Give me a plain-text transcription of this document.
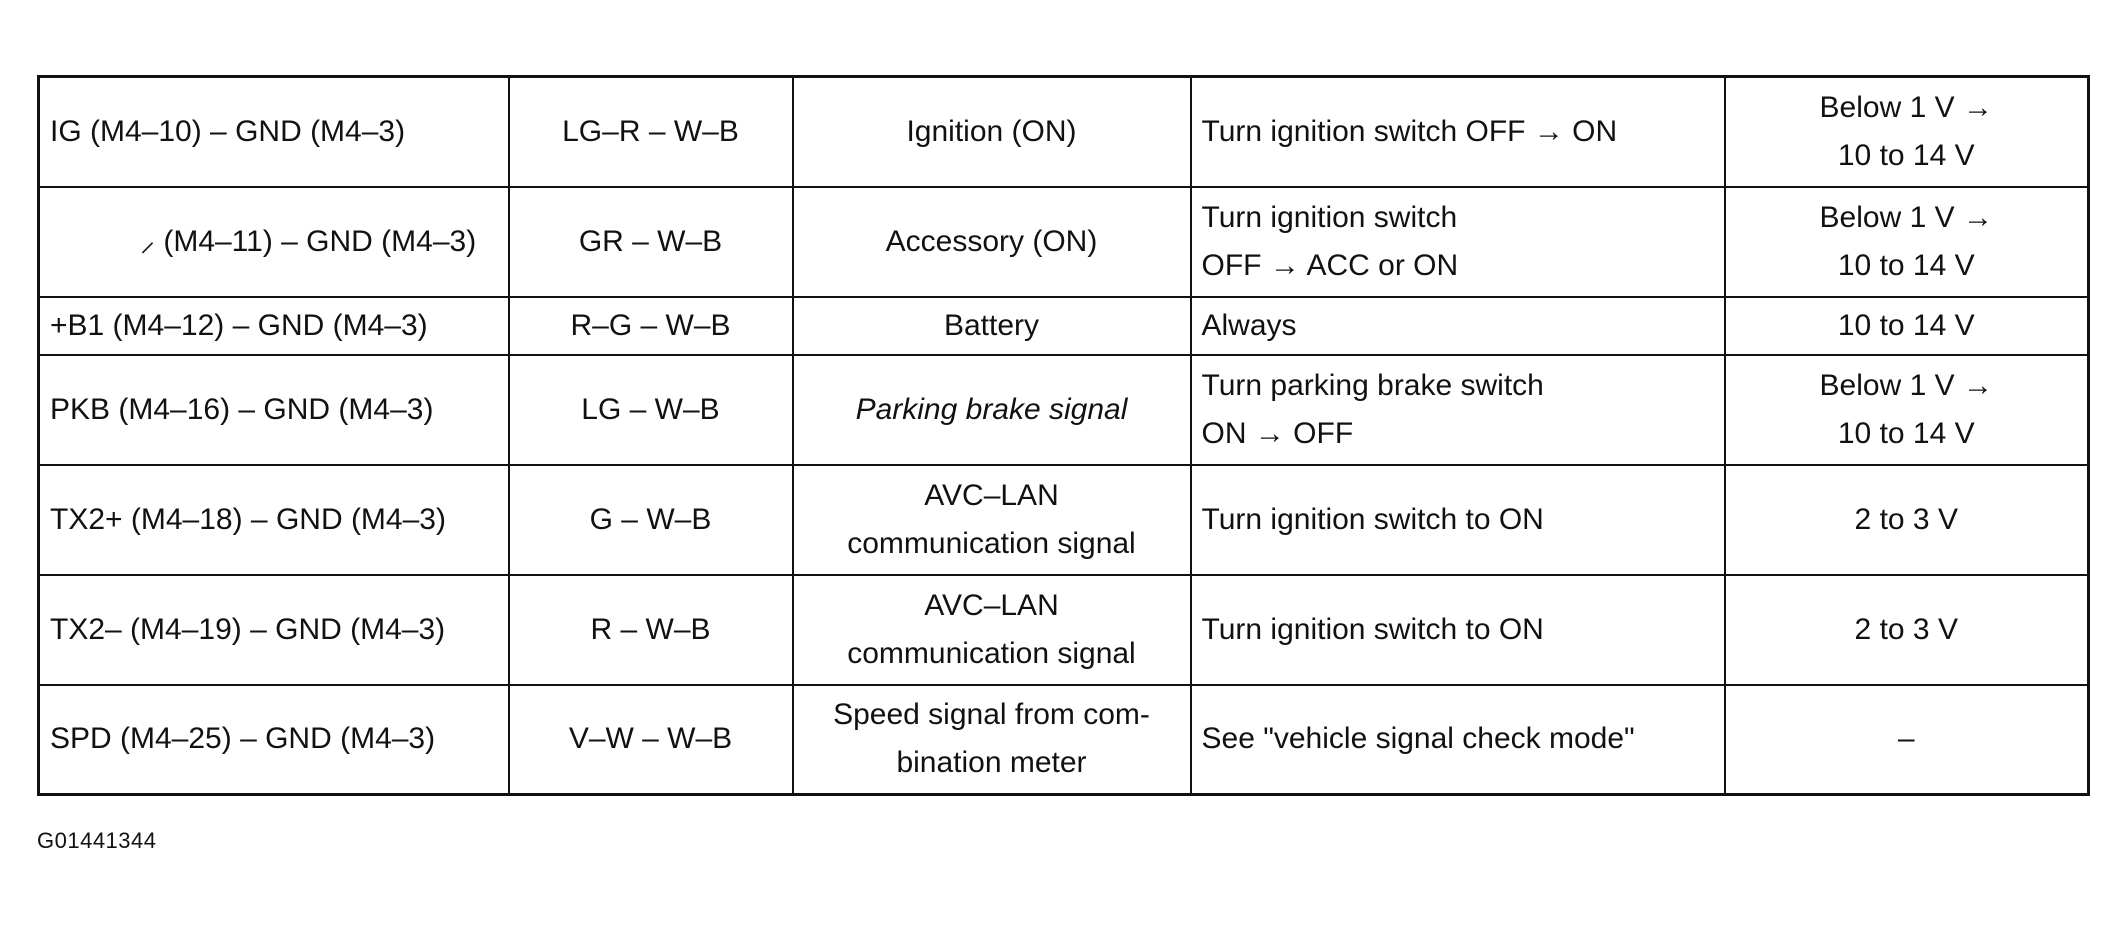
IG (M4–10) – GND (M4–3)	LG–R – W–B	Ignition (ON)	Turn ignition switch OFF → ON	Below 1 V →
10 to 14 V

⸝ (M4–11) – GND (M4–3)	GR – W–B	Accessory (ON)	Turn ignition switch
OFF → ACC or ON	Below 1 V →
10 to 14 V

+B1 (M4–12) – GND (M4–3)	R–G – W–B	Battery	Always	10 to 14 V

PKB (M4–16) – GND (M4–3)	LG – W–B	Parking brake signal	Turn parking brake switch
ON → OFF	Below 1 V →
10 to 14 V

TX2+ (M4–18) – GND (M4–3)	G – W–B	AVC–LAN
communication signal	Turn ignition switch to ON	2 to 3 V

TX2– (M4–19) – GND (M4–3)	R – W–B	AVC–LAN
communication signal	Turn ignition switch to ON	2 to 3 V

SPD (M4–25) – GND (M4–3)	V–W – W–B	Speed signal from com-
bination meter	See "vehicle signal check mode"	–
G01441344
